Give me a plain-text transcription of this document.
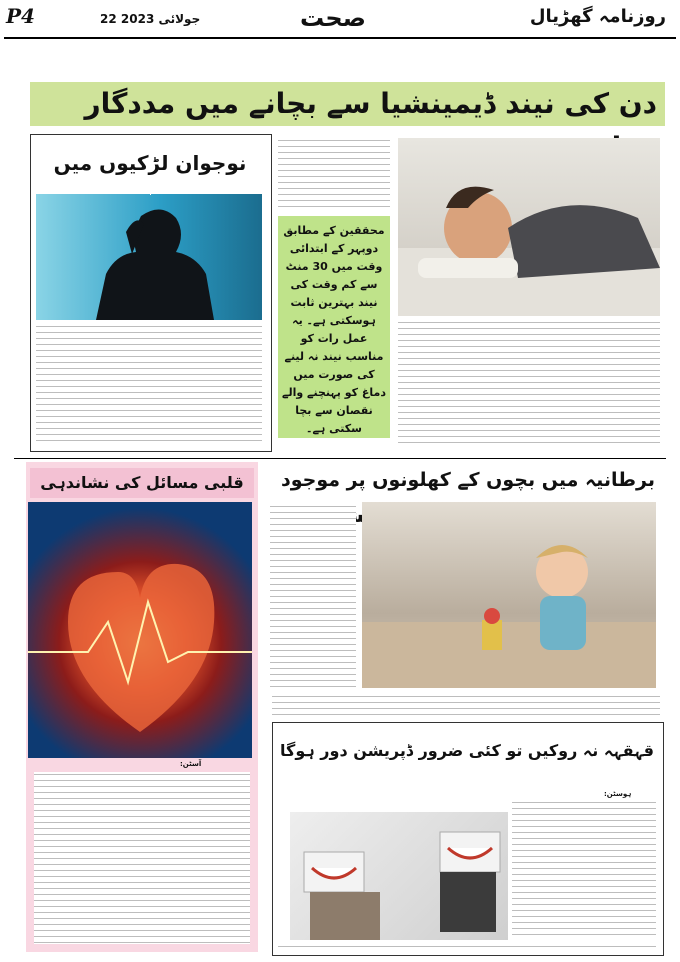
P4	22 جولائی 2023	صحت	روزنامہ گھڑیال
دن کی نیند ڈیمینشیا سے بچانے میں مددگار
نوجوان لڑکیوں میں
محققین کے مطابق دوپہر کے ابتدائی وقت میں 30 منٹ سے کم وقت کی نیند بہترین ثابت ہوسکتی ہے۔ یہ عمل رات کو مناسب نیند نہ لینے کی صورت میں دماغ کو پہنچنے والے نقصان سے بچا سکتی ہے۔
قلبی مسائل کی نشاندہی
آسٹن:
برطانیہ میں بچوں کے کھلونوں پر موجود
قہقہہ نہ روکیں تو کئی ضرور ڈپریشن دور ہوگا
ہوسٹن:
